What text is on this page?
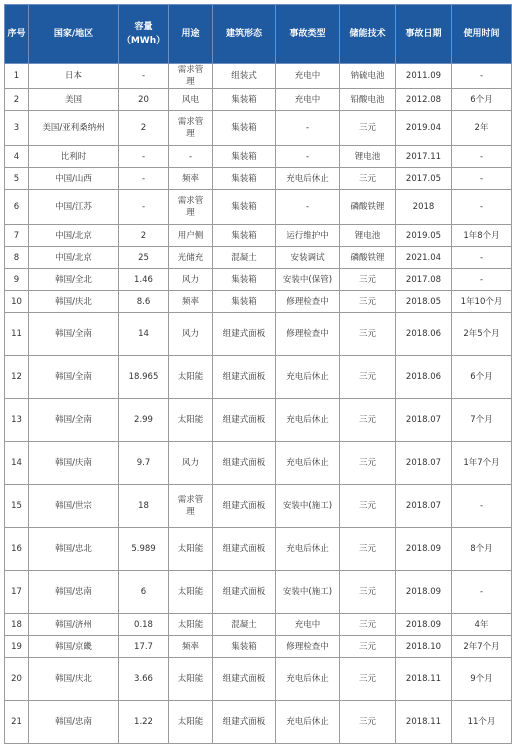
序号	国家/地区	容量（MWh）	用途	建筑形态	事故类型	储能技术	事故日期	使用时间
1	日本	-	需求管理	组装式	充电中	钠硫电池	2011.09	-
2	美国	20	风电	集装箱	充电中	铅酸电池	2012.08	6个月
3	美国/亚利桑纳州	2	需求管理	集装箱	-	三元	2019.04	2年
4	比利时	-	-	集装箱	-	锂电池	2017.11	-
5	中国/山西	-	频率	集装箱	充电后休止	三元	2017.05	-
6	中国/江苏	-	需求管理	集装箱	-	磷酸铁锂	2018	-
7	中国/北京	2	用户侧	集装箱	运行维护中	锂电池	2019.05	1年8个月
8	中国/北京	25	光储充	混凝土	安装调试	磷酸铁锂	2021.04	-
9	韩国/全北	1.46	风力	集装箱	安装中(保管)	三元	2017.08	-
10	韩国/庆北	8.6	频率	集装箱	修理检查中	三元	2018.05	1年10个月
11	韩国/全南	14	风力	组建式面板	修理检查中	三元	2018.06	2年5个月
12	韩国/全南	18.965	太阳能	组建式面板	充电后休止	三元	2018.06	6个月
13	韩国/全南	2.99	太阳能	组建式面板	充电后休止	三元	2018.07	7个月
14	韩国/庆南	9.7	风力	组建式面板	充电后休止	三元	2018.07	1年7个月
15	韩国/世宗	18	需求管理	组建式面板	安装中(施工)	三元	2018.07	-
16	韩国/忠北	5.989	太阳能	组建式面板	充电后休止	三元	2018.09	8个月
17	韩国/忠南	6	太阳能	组建式面板	安装中(施工)	三元	2018.09	-
18	韩国/济州	0.18	太阳能	混凝土	充电中	三元	2018.09	4年
19	韩国/京畿	17.7	频率	集装箱	修理检查中	三元	2018.10	2年7个月
20	韩国/庆北	3.66	太阳能	组建式面板	充电后休止	三元	2018.11	9个月
21	韩国/忠南	1.22	太阳能	组建式面板	充电后休止	三元	2018.11	11个月
